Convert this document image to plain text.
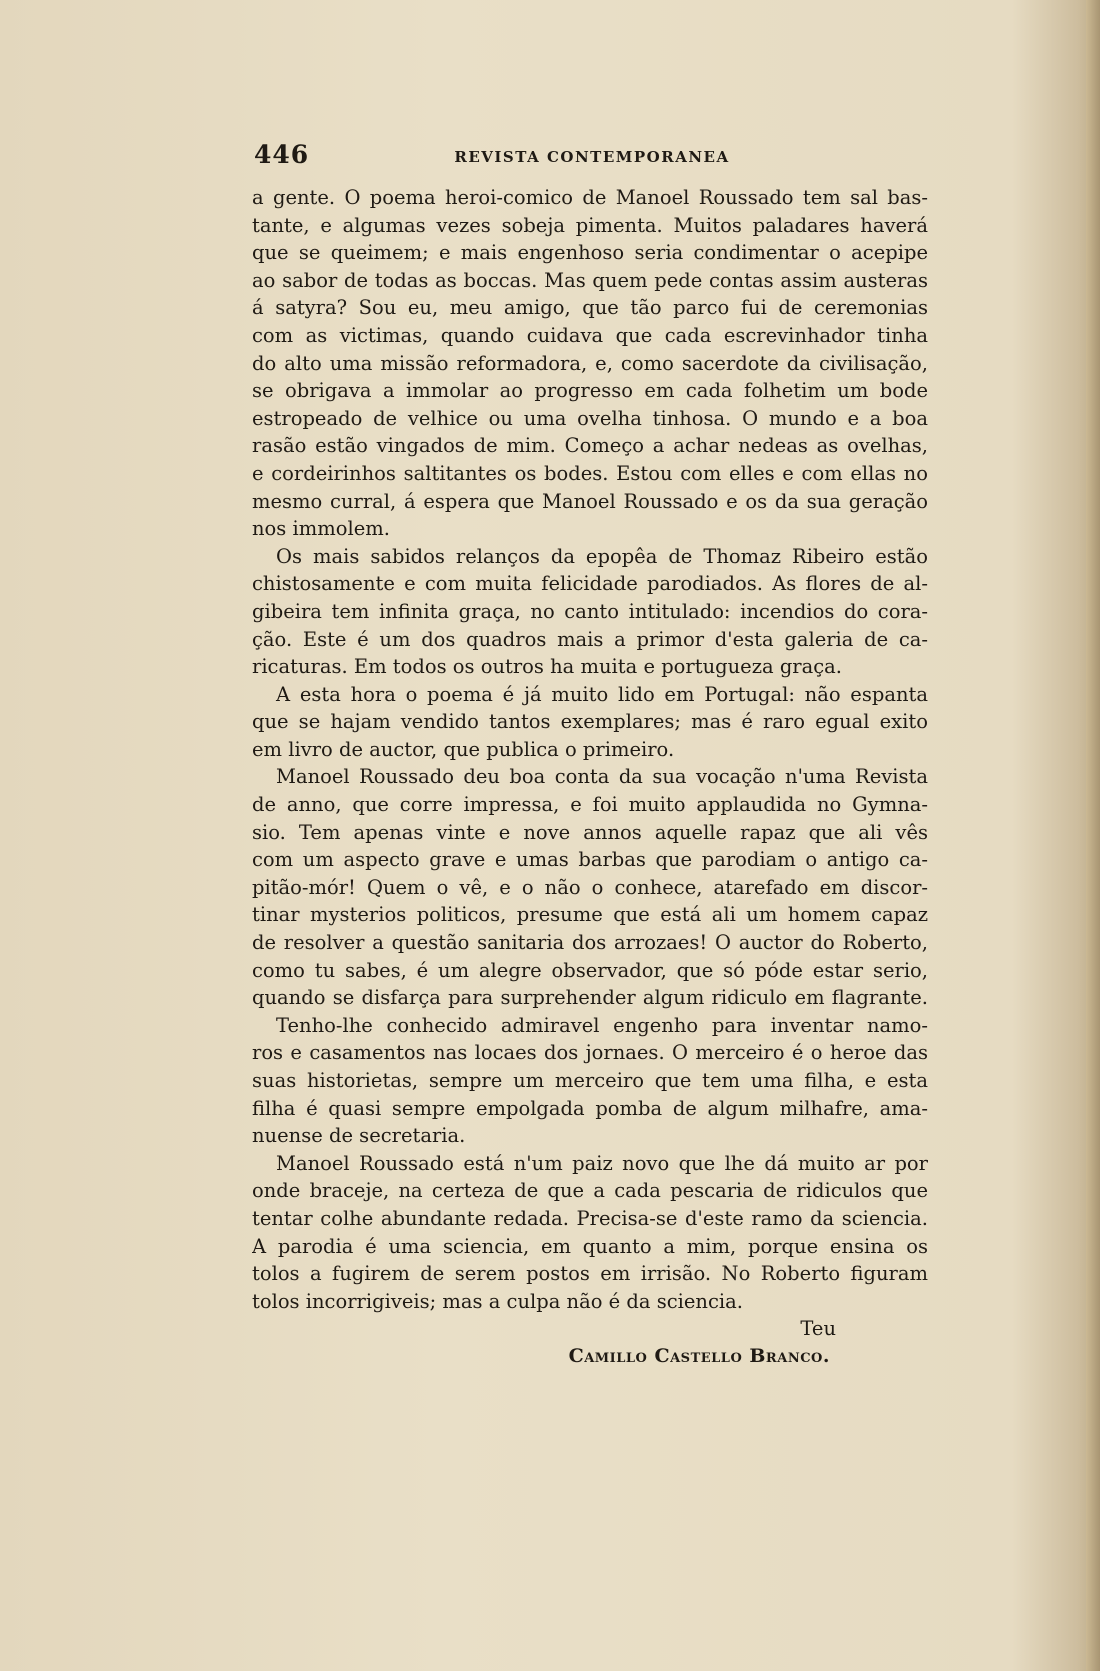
446	REVISTA CONTEMPORANEA
a gente. O poema heroi-comico de Manoel Roussado tem sal bas-
tante, e algumas vezes sobeja pimenta. Muitos paladares haverá
que se queimem; e mais engenhoso seria condimentar o acepipe
ao sabor de todas as boccas. Mas quem pede contas assim austeras
á satyra? Sou eu, meu amigo, que tão parco fui de ceremonias
com as victimas, quando cuidava que cada escrevinhador tinha
do alto uma missão reformadora, e, como sacerdote da civilisação,
se obrigava a immolar ao progresso em cada folhetim um bode
estropeado de velhice ou uma ovelha tinhosa. O mundo e a boa
rasão estão vingados de mim. Começo a achar nedeas as ovelhas,
e cordeirinhos saltitantes os bodes. Estou com elles e com ellas no
mesmo curral, á espera que Manoel Roussado e os da sua geração
nos immolem.
Os mais sabidos relanços da epopêa de Thomaz Ribeiro estão
chistosamente e com muita felicidade parodiados. As flores de al-
gibeira tem infinita graça, no canto intitulado: incendios do cora-
ção. Este é um dos quadros mais a primor d'esta galeria de ca-
ricaturas. Em todos os outros ha muita e portugueza graça.
A esta hora o poema é já muito lido em Portugal: não espanta
que se hajam vendido tantos exemplares; mas é raro egual exito
em livro de auctor, que publica o primeiro.
Manoel Roussado deu boa conta da sua vocação n'uma Revista
de anno, que corre impressa, e foi muito applaudida no Gymna-
sio. Tem apenas vinte e nove annos aquelle rapaz que ali vês
com um aspecto grave e umas barbas que parodiam o antigo ca-
pitão-mór! Quem o vê, e o não o conhece, atarefado em discor-
tinar mysterios politicos, presume que está ali um homem capaz
de resolver a questão sanitaria dos arrozaes! O auctor do Roberto,
como tu sabes, é um alegre observador, que só póde estar serio,
quando se disfarça para surprehender algum ridiculo em flagrante.
Tenho-lhe conhecido admiravel engenho para inventar namo-
ros e casamentos nas locaes dos jornaes. O merceiro é o heroe das
suas historietas, sempre um merceiro que tem uma filha, e esta
filha é quasi sempre empolgada pomba de algum milhafre, ama-
nuense de secretaria.
Manoel Roussado está n'um paiz novo que lhe dá muito ar por
onde braceje, na certeza de que a cada pescaria de ridiculos que
tentar colhe abundante redada. Precisa-se d'este ramo da sciencia.
A parodia é uma sciencia, em quanto a mim, porque ensina os
tolos a fugirem de serem postos em irrisão. No Roberto figuram
tolos incorrigiveis; mas a culpa não é da sciencia.
Teu
Camillo Castello Branco.
